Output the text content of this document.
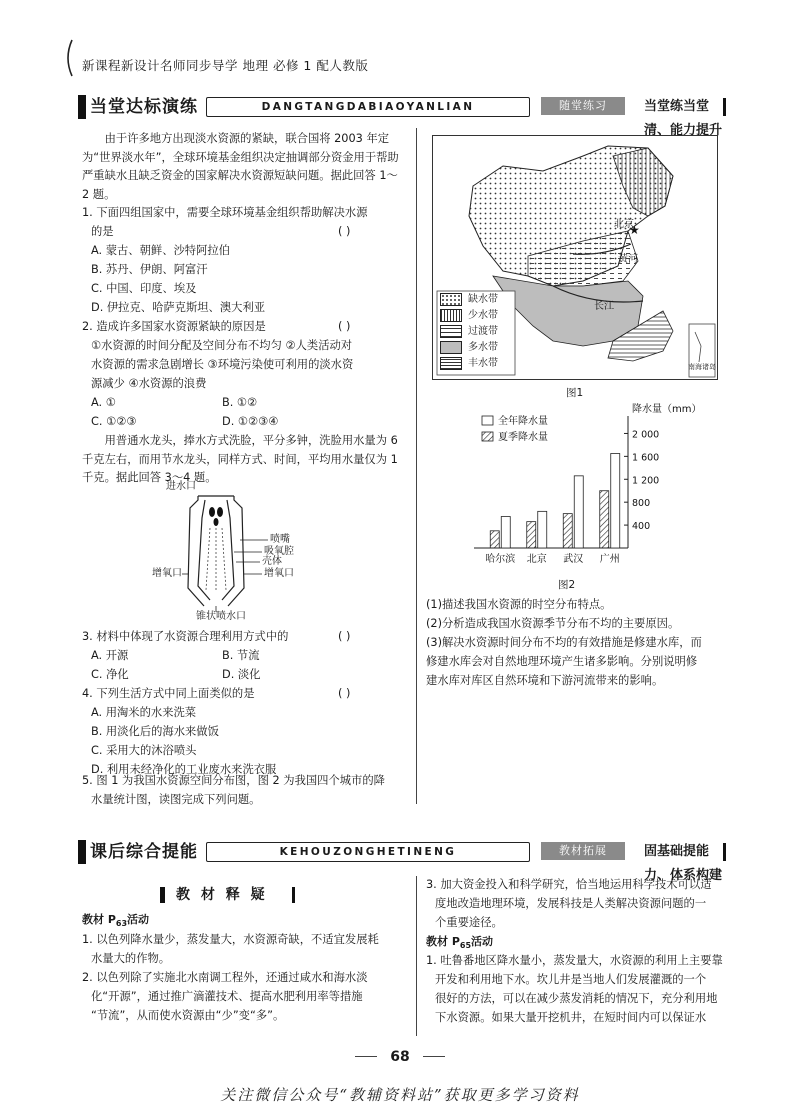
新课程新设计名师同步导学 地理 必修 1 配人教版
当堂达标演练	DANGTANGDABIAOYANLIAN	随堂练习	当堂练当堂清、能力提升
由于许多地方出现淡水资源的紧缺，联合国将 2003 年定为“世界淡水年”，全球环境基金组织决定抽调部分资金用于帮助严重缺水且缺乏资金的国家解决水资源短缺问题。据此回答 1～2 题。
1. 下面四组国家中，需要全球环境基金组织帮助解决水源
的是	( )
A. 蒙古、朝鲜、沙特阿拉伯
B. 苏丹、伊朗、阿富汗
C. 中国、印度、埃及
D. 伊拉克、哈萨克斯坦、澳大利亚
2. 造成许多国家水资源紧缺的原因是	( )
①水资源的时间分配及空间分布不均匀 ②人类活动对
水资源的需求急剧增长 ③环境污染使可利用的淡水资
源减少 ④水资源的浪费
A. ①	B. ①②
C. ①②③	D. ①②③④
用普通水龙头，捧水方式洗脸，平分多钟，洗脸用水量为 6 千克左右，而用节水龙头，同样方式、时间，平均用水量仅为 1 千克。据此回答 3～4 题。
进水口
喷嘴
吸氧腔
壳体
增氧口
增氧口
锥状喷水口
3. 材料中体现了水资源合理利用方式中的	( )
A. 开源	B. 节流
C. 净化	D. 淡化
4. 下列生活方式中同上面类似的是	( )
A. 用淘米的水来洗菜
B. 用淡化后的海水来做饭
C. 采用大的沐浴喷头
D. 利用未经净化的工业废水来洗衣服
5. 图 1 为我国水资源空间分布图，图 2 为我国四个城市的降
水量统计图，读图完成下列问题。
★
北京
黄河
长江
南海诸岛
缺水带
少水带
过渡带
多水带
丰水带
图1
400
800
1 200
1 600
2 000
降水量（mm）
哈尔滨 北京 武汉 广州
全年降水量
夏季降水量
图2
(1)描述我国水资源的时空分布特点。
(2)分析造成我国水资源季节分布不均的主要原因。
(3)解决水资源时间分布不均的有效措施是修建水库，而
修建水库会对自然地理环境产生诸多影响。分别说明修
建水库对库区自然环境和下游河流带来的影响。
课后综合提能	KEHOUZONGHETINENG	教材拓展	固基础提能力、体系构建
教 材 释 疑
教材 $P_{63}$活动
1. 以色列降水量少，蒸发量大，水资源奇缺，不适宜发展耗
水量大的作物。
2. 以色列除了实施北水南调工程外，还通过咸水和海水淡
化“开源”，通过推广滴灌技术、提高水肥利用率等措施
“节流”，从而使水资源由“少”变“多”。
3. 加大资金投入和科学研究，恰当地运用科学技术可以适
度地改造地理环境，发展科技是人类解决资源问题的一
个重要途径。
教材 $P_{65}$活动
1. 吐鲁番地区降水量小，蒸发量大，水资源的利用上主要靠
开发和利用地下水。坎儿井是当地人们发展灌溉的一个
很好的方法，可以在减少蒸发消耗的情况下，充分利用地
下水资源。如果大量开挖机井，在短时间内可以保证水
68
关注微信公众号“教辅资料站”获取更多学习资料
